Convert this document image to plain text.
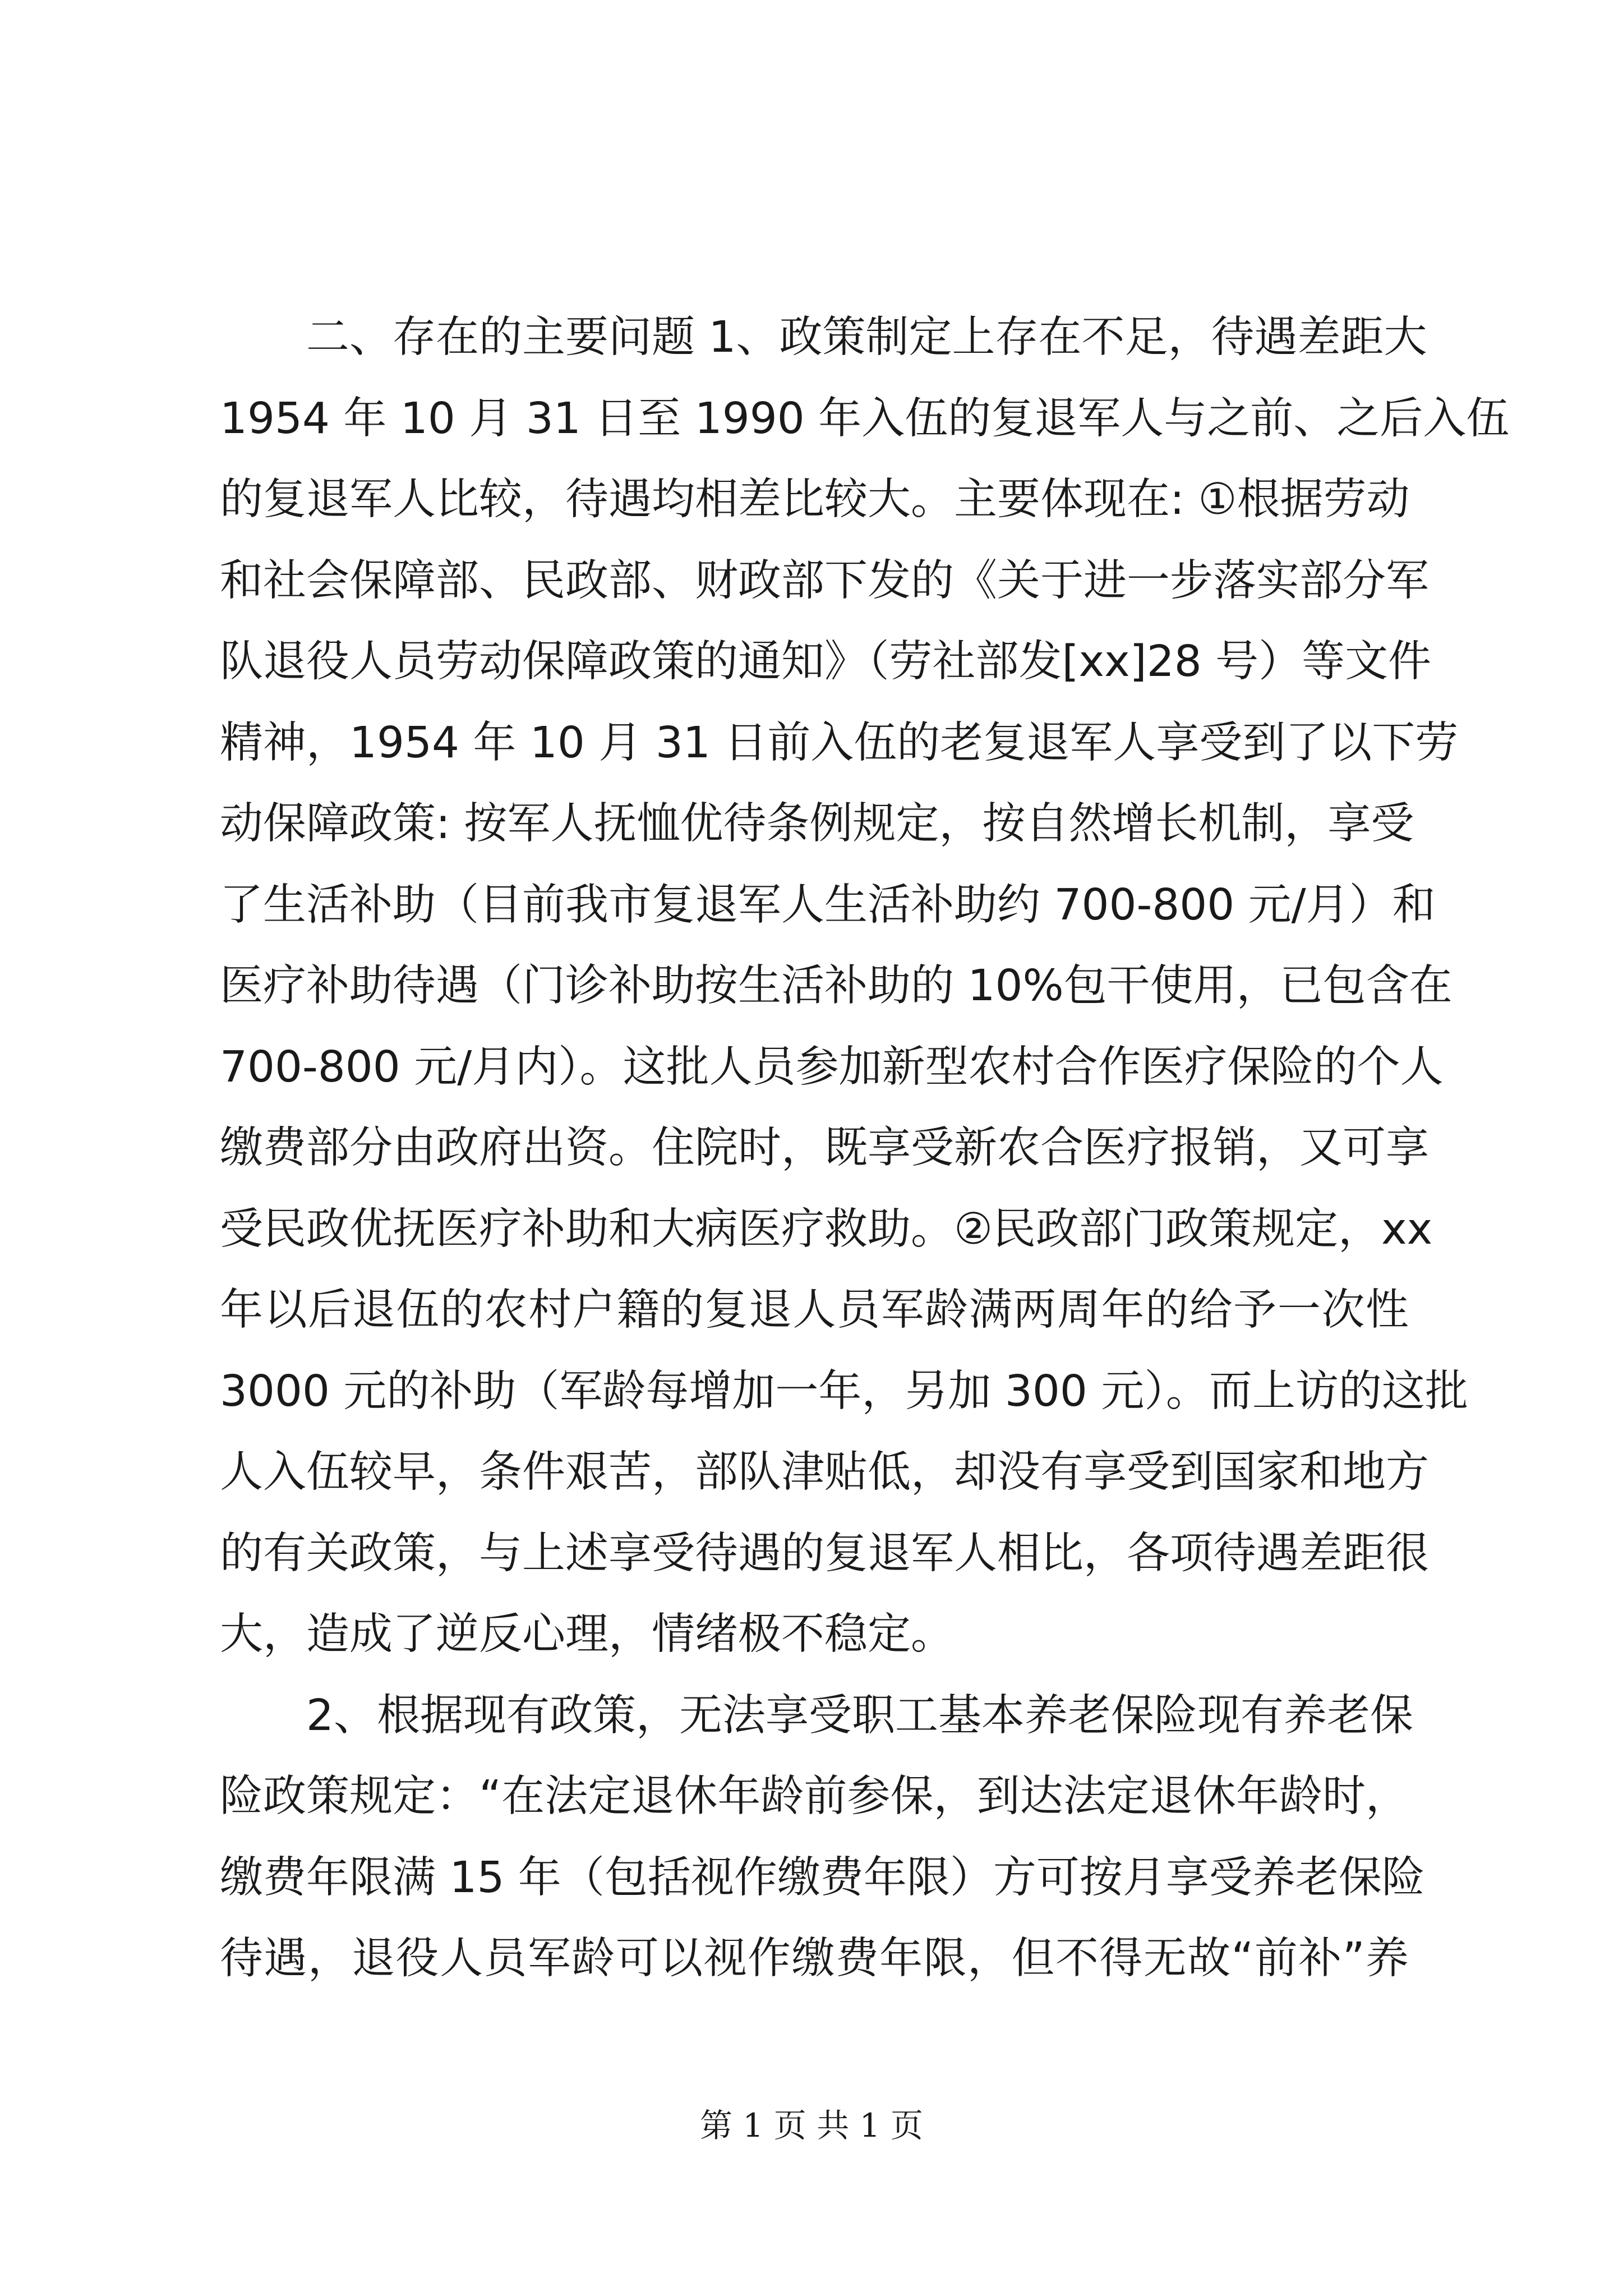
二、存在的主要问题 1、政策制定上存在不足，待遇差距大
1954 年 10 月 31 日至 1990 年入伍的复退军人与之前、之后入伍
的复退军人比较，待遇均相差比较大。主要体现在: ①根据劳动
和社会保障部、民政部、财政部下发的《关于进一步落实部分军
队退役人员劳动保障政策的通知》（劳社部发[xx]28 号）等文件
精神，1954 年 10 月 31 日前入伍的老复退军人享受到了以下劳
动保障政策: 按军人抚恤优待条例规定，按自然增长机制，享受
了生活补助（目前我市复退军人生活补助约 700-800 元/月）和
医疗补助待遇（门诊补助按生活补助的 10%包干使用，已包含在
700-800 元/月内）。这批人员参加新型农村合作医疗保险的个人
缴费部分由政府出资。住院时，既享受新农合医疗报销，又可享
受民政优抚医疗补助和大病医疗救助。②民政部门政策规定，xx
年以后退伍的农村户籍的复退人员军龄满两周年的给予一次性
3000 元的补助（军龄每增加一年，另加 300 元）。而上访的这批
人入伍较早，条件艰苦，部队津贴低，却没有享受到国家和地方
的有关政策，与上述享受待遇的复退军人相比，各项待遇差距很
大，造成了逆反心理，情绪极不稳定。
2、根据现有政策，无法享受职工基本养老保险现有养老保
险政策规定：“在法定退休年龄前参保，到达法定退休年龄时，
缴费年限满 15 年（包括视作缴费年限）方可按月享受养老保险
待遇，退役人员军龄可以视作缴费年限，但不得无故“前补”养
第 1 页 共 1 页
